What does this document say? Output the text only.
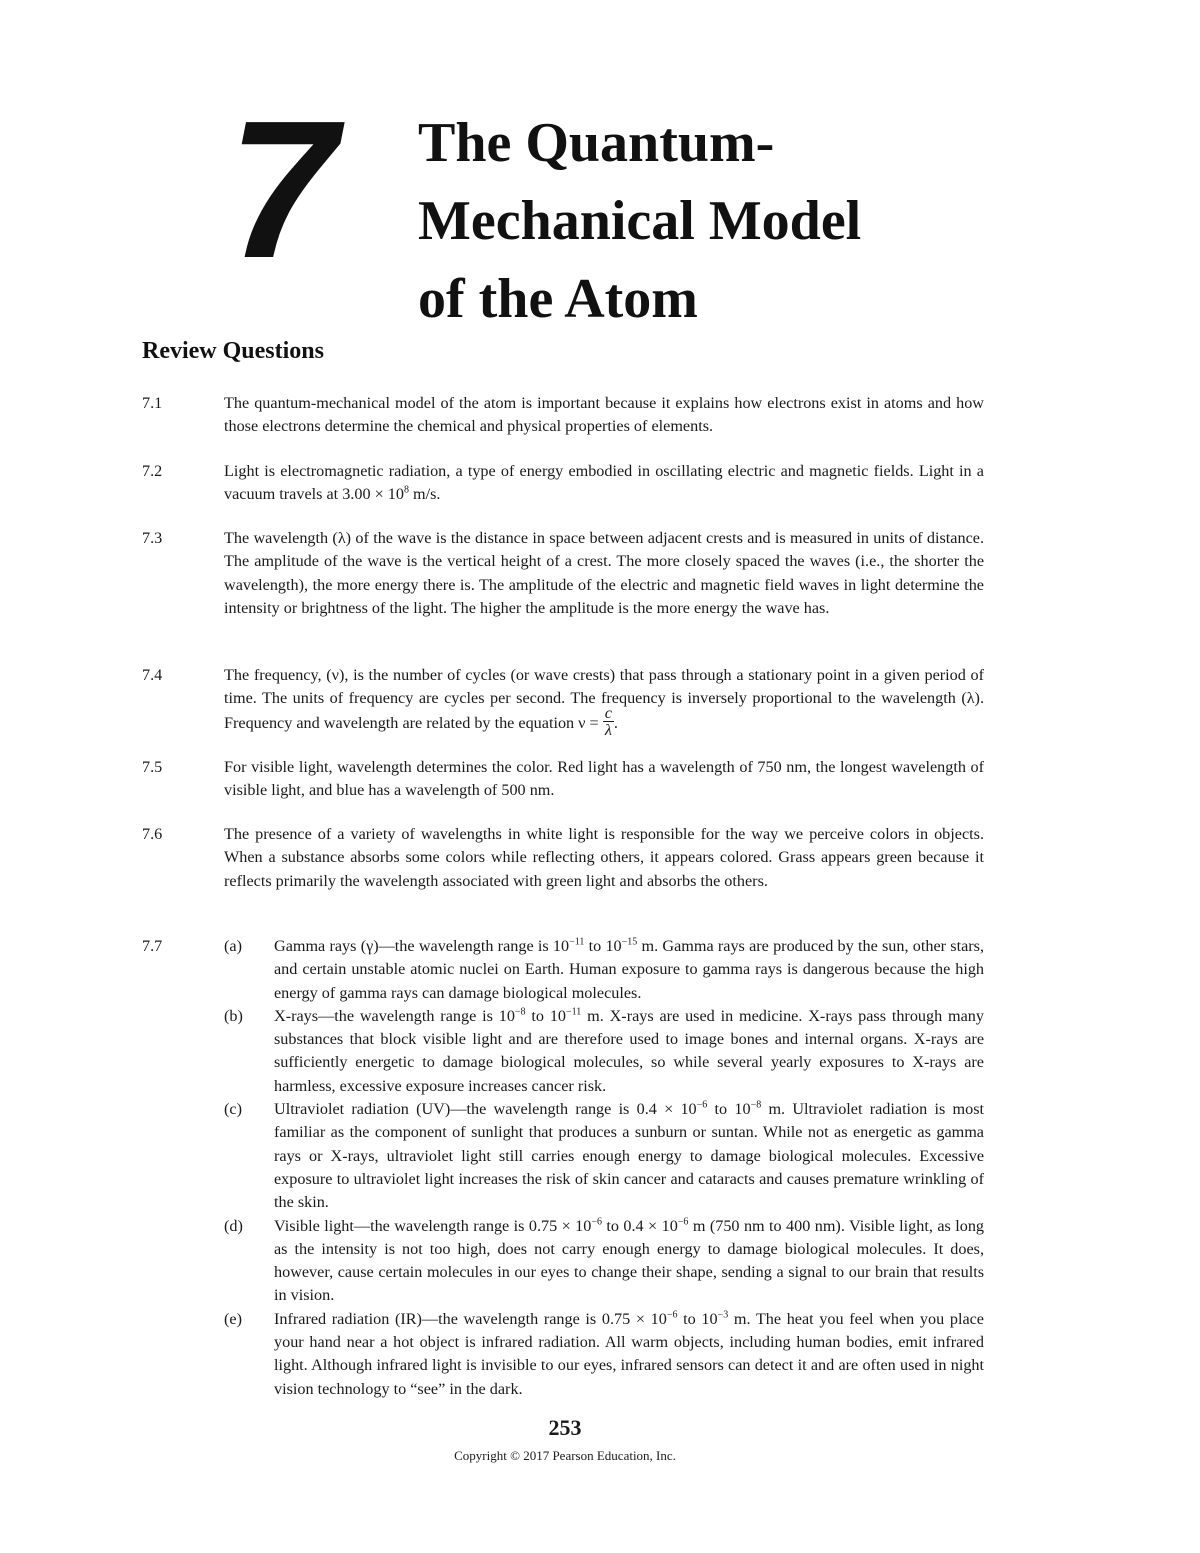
7 The Quantum-
Mechanical Model
of the Atom
Review Questions
7.1	The quantum-mechanical model of the atom is important because it explains how electrons exist in atoms and how those electrons determine the chemical and physical properties of elements.
7.2	Light is electromagnetic radiation, a type of energy embodied in oscillating electric and magnetic fields. Light in a vacuum travels at $3.00 \times 10^8$ m/s.
7.3	The wavelength (λ) of the wave is the distance in space between adjacent crests and is measured in units of distance. The amplitude of the wave is the vertical height of a crest. The more closely spaced the waves (i.e., the shorter the wavelength), the more energy there is. The amplitude of the electric and magnetic field waves in light determine the intensity or brightness of the light. The higher the amplitude is the more energy the wave has.
7.4	The frequency, (ν), is the number of cycles (or wave crests) that pass through a stationary point in a given period of time. The units of frequency are cycles per second. The frequency is inversely proportional to the wavelength (λ). Frequency and wavelength are related by the equation $\nu = \frac{c}{\lambda}$ .
7.5	For visible light, wavelength determines the color. Red light has a wavelength of 750 nm, the longest wavelength of visible light, and blue has a wavelength of 500 nm.
7.6	The presence of a variety of wavelengths in white light is responsible for the way we perceive colors in objects. When a substance absorbs some colors while reflecting others, it appears colored. Grass appears green because it reflects primarily the wavelength associated with green light and absorbs the others.
7.7	(a) Gamma rays (γ)—the wavelength range is $10^{-11}$ to $10^{-15}$ m. Gamma rays are produced by the sun, other stars, and certain unstable atomic nuclei on Earth. Human exposure to gamma rays is dangerous because the high energy of gamma rays can damage biological molecules.
(b) X-rays—the wavelength range is $10^{-8}$ to $10^{-11}$ m. X-rays are used in medicine. X-rays pass through many substances that block visible light and are therefore used to image bones and internal organs. X-rays are sufficiently energetic to damage biological molecules, so while several yearly exposures to X-rays are harmless, excessive exposure increases cancer risk.
(c) Ultraviolet radiation (UV)—the wavelength range is $0.4 \times 10^{-6}$ to $10^{-8}$ m. Ultraviolet radiation is most familiar as the component of sunlight that produces a sunburn or suntan. While not as energetic as gamma rays or X-rays, ultraviolet light still carries enough energy to damage biological molecules. Excessive exposure to ultraviolet light increases the risk of skin cancer and cataracts and causes premature wrinkling of the skin.
(d) Visible light—the wavelength range is $0.75 \times 10^{-6}$ to $0.4 \times 10^{-6}$ m (750 nm to 400 nm). Visible light, as long as the intensity is not too high, does not carry enough energy to damage biological molecules. It does, however, cause certain molecules in our eyes to change their shape, sending a signal to our brain that results in vision.
(e) Infrared radiation (IR)—the wavelength range is $0.75 \times 10^{-6}$ to $10^{-3}$ m. The heat you feel when you place your hand near a hot object is infrared radiation. All warm objects, including human bodies, emit infrared light. Although infrared light is invisible to our eyes, infrared sensors can detect it and are often used in night vision technology to “see” in the dark.
253
Copyright © 2017 Pearson Education, Inc.
